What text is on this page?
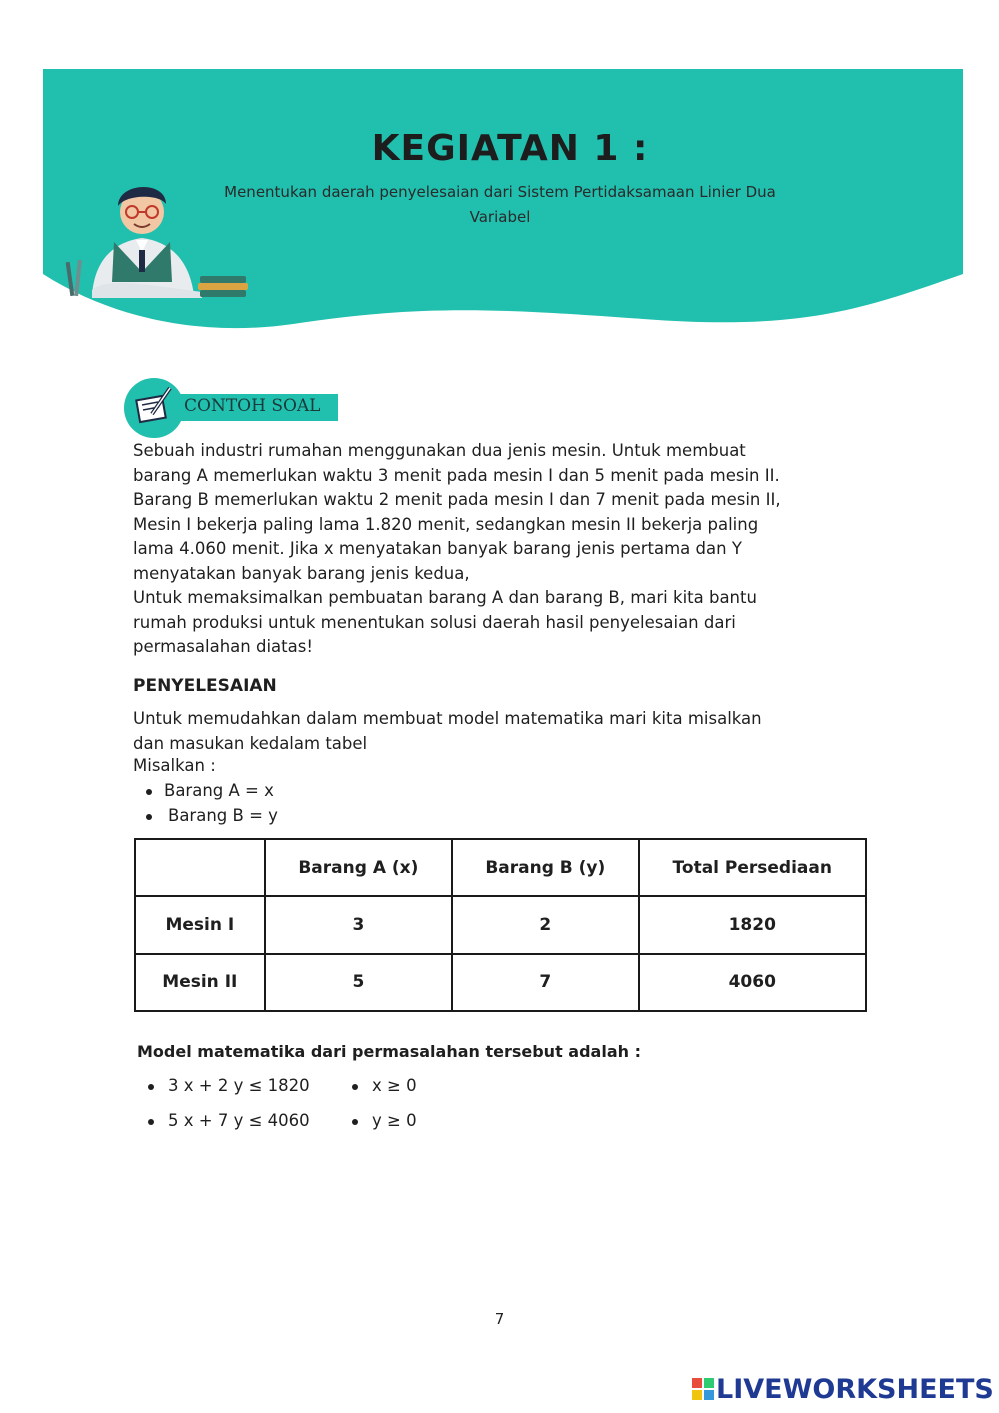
KEGIATAN 1 :
Menentukan daerah penyelesaian dari Sistem Pertidaksamaan Linier Dua
Variabel
CONTOH SOAL
Sebuah industri rumahan menggunakan dua jenis mesin. Untuk membuat
barang A memerlukan waktu 3 menit pada mesin I dan 5 menit pada mesin II.
Barang B memerlukan waktu 2 menit pada mesin I dan 7 menit pada mesin II,
Mesin I bekerja paling lama 1.820 menit, sedangkan mesin II bekerja paling
lama 4.060 menit. Jika x menyatakan banyak barang jenis pertama dan Y
menyatakan banyak barang jenis kedua,
Untuk memaksimalkan pembuatan barang A dan barang B, mari kita bantu
rumah produksi untuk menentukan solusi daerah hasil penyelesaian dari
permasalahan diatas!
PENYELESAIAN
Untuk memudahkan dalam membuat model matematika mari kita misalkan
dan masukan kedalam tabel
Misalkan :
Barang A = x
Barang B = y
	Barang A (x)	Barang B (y)	Total Persediaan
Mesin I	3	2	1820
Mesin II	5	7	4060
Model matematika dari permasalahan tersebut adalah :
3 x + 2 y ≤ 1820
5 x + 7 y ≤ 4060
x ≥ 0
y ≥ 0
7
LIVEWORKSHEETS
